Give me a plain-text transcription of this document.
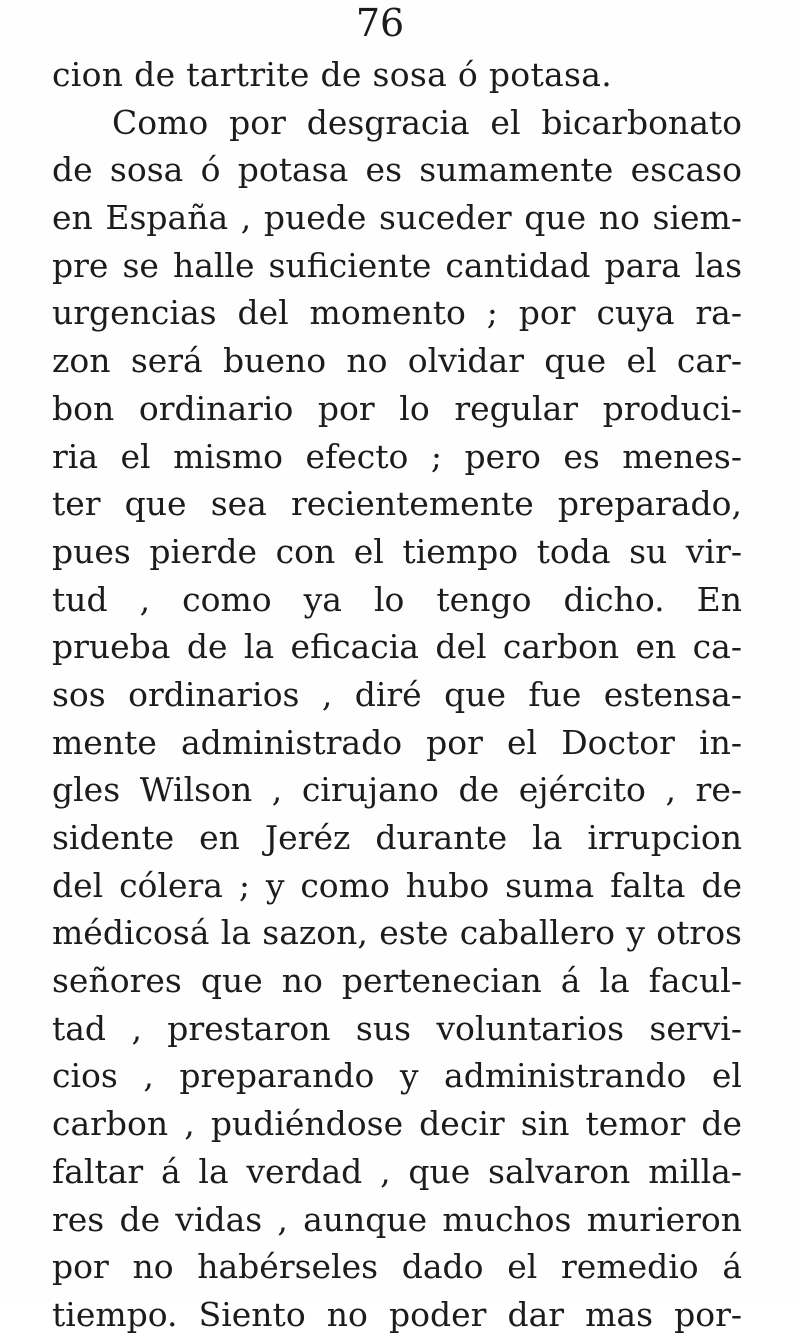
76
cion de tartrite de sosa ó potasa.
Como por desgracia el bicarbonato
de sosa ó potasa es sumamente escaso
en España , puede suceder que no siem-
pre se halle suficiente cantidad para las
urgencias del momento ; por cuya ra-
zon será bueno no olvidar que el car-
bon ordinario por lo regular produci-
ria el mismo efecto ; pero es menes-
ter que sea recientemente preparado,
pues pierde con el tiempo toda su vir-
tud , como ya lo tengo dicho. En
prueba de la eficacia del carbon en ca-
sos ordinarios , diré que fue estensa-
mente administrado por el Doctor in-
gles Wilson , cirujano de ejército , re-
sidente en Jeréz durante la irrupcion
del cólera ; y como hubo suma falta de
médicosá la sazon, este caballero y otros
señores que no pertenecian á la facul-
tad , prestaron sus voluntarios servi-
cios , preparando y administrando el
carbon , pudiéndose decir sin temor de
faltar á la verdad , que salvaron milla-
res de vidas , aunque muchos murieron
por no habérseles dado el remedio á
tiempo. Siento no poder dar mas por-
